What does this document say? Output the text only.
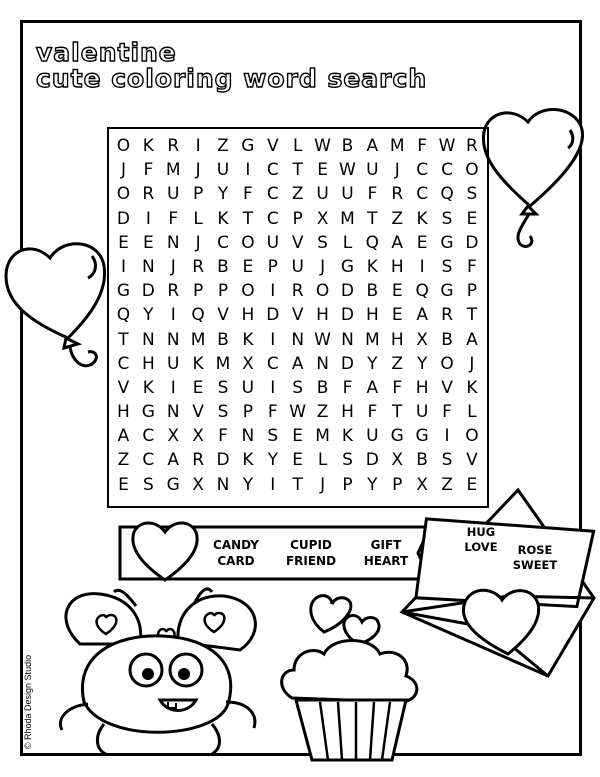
valentine
cute coloring word search
O K R I Z G V L W B A M F W R
J	F M J U I C T E W U J C C O
O R U P Y F C Z U U F R C Q S
D I	F L K T C P X M T Z K S E
E E N J C O U V S L Q A E G D
I N J R B E P U J G K H I S F
G D R P P O I R O D B E Q G P
Q Y	I Q V H D V H D H E A R T
T N N M B K I N W N M H X B A
C H U K M X C A N D Y Z Y O J
V K I	E S U I S B F A F H V K
H G N V S P F W Z H F T U F L
A C X X F N S E M K U G G I O
Z C A R D K Y E L S D X B S V
E S G X N Y	I	T	J	P Y P X Z E
CANDY
CARD
CUPID
FRIEND
GIFT
HEART
HUG
LOVE	ROSE
SWEET
© Rhoda Design Studio
